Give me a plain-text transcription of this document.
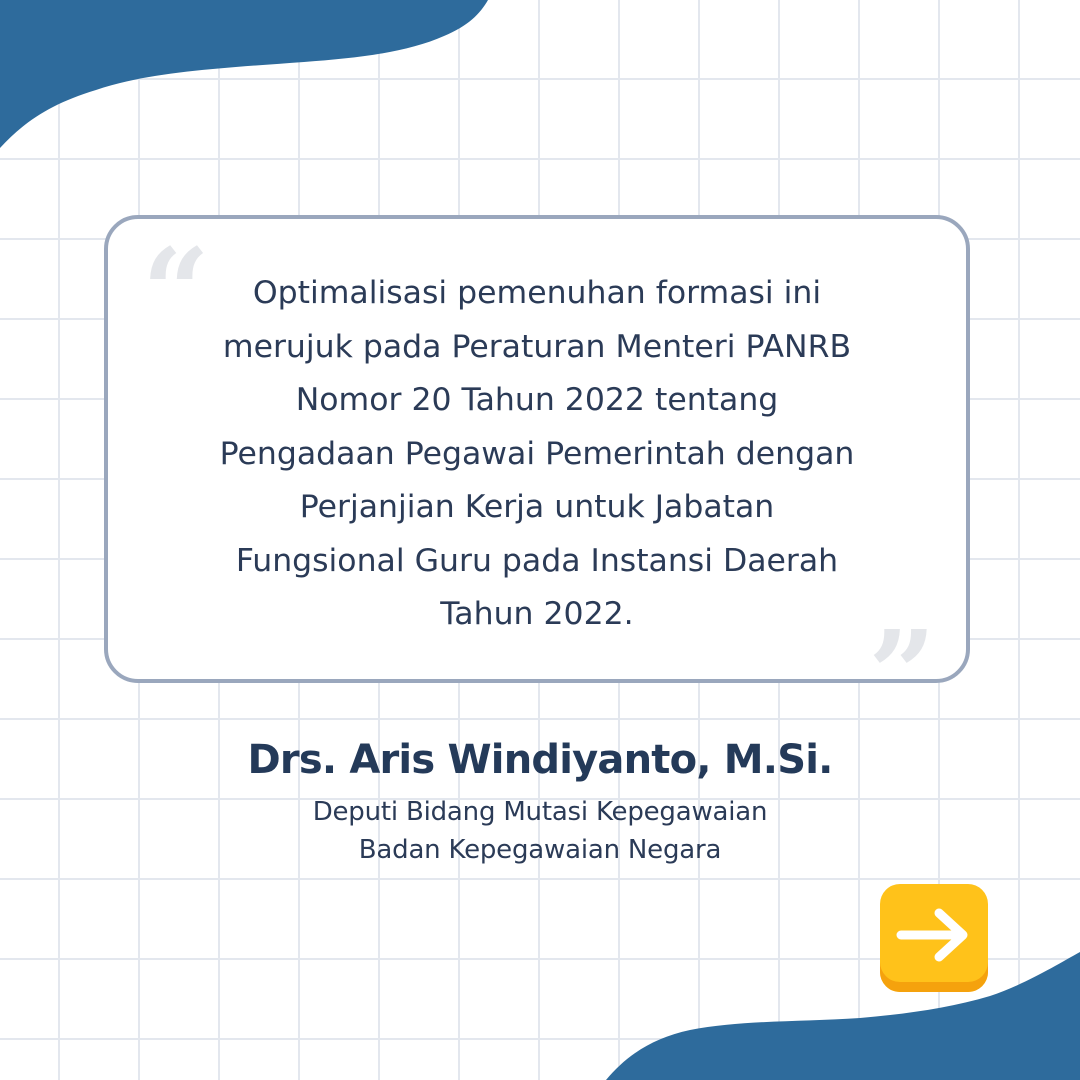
“	Optimalisasi pemenuhan formasi ini
merujuk pada Peraturan Menteri PANRB
Nomor 20 Tahun 2022 tentang
Pengadaan Pegawai Pemerintah dengan
Perjanjian Kerja untuk Jabatan
Fungsional Guru pada Instansi Daerah
Tahun 2022.	”
Drs. Aris Windiyanto, M.Si.
Deputi Bidang Mutasi Kepegawaian
Badan Kepegawaian Negara
